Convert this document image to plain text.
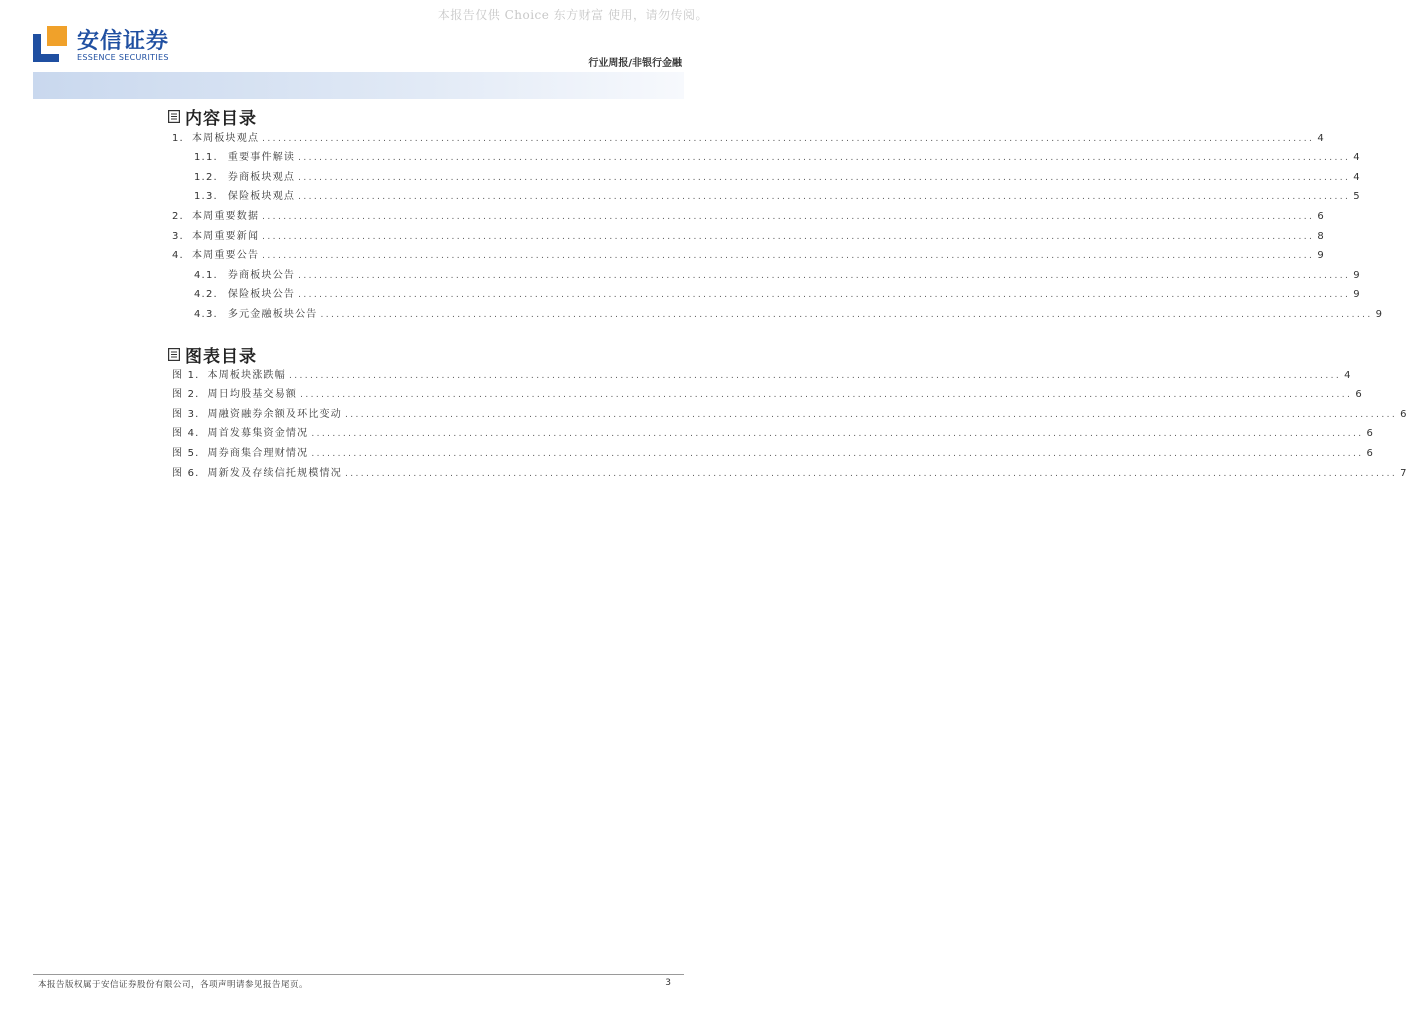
本报告仅供 Choice 东方财富 使用，请勿传阅。
安信证券
ESSENCE SECURITIES
行业周报/非银行金融
内容目录
1. 本周板块观点 ........................................................................................................................................................................................................ 4
1.1. 重要事件解读 ........................................................................................................................................................................................................ 4
1.2. 券商板块观点 ........................................................................................................................................................................................................ 4
1.3. 保险板块观点 ........................................................................................................................................................................................................ 5
2. 本周重要数据 ........................................................................................................................................................................................................ 6
3. 本周重要新闻 ........................................................................................................................................................................................................ 8
4. 本周重要公告 ........................................................................................................................................................................................................ 9
4.1. 券商板块公告 ........................................................................................................................................................................................................ 9
4.2. 保险板块公告 ........................................................................................................................................................................................................ 9
4.3. 多元金融板块公告 ........................................................................................................................................................................................................ 9
图表目录
图 1. 本周板块涨跌幅 ........................................................................................................................................................................................................ 4
图 2. 周日均股基交易额 ........................................................................................................................................................................................................ 6
图 3. 周融资融券余额及环比变动 ........................................................................................................................................................................................................ 6
图 4. 周首发募集资金情况 ........................................................................................................................................................................................................ 6
图 5. 周券商集合理财情况 ........................................................................................................................................................................................................ 6
图 6. 周新发及存续信托规模情况 ........................................................................................................................................................................................................ 7
本报告版权属于安信证券股份有限公司，各项声明请参见报告尾页。	3
